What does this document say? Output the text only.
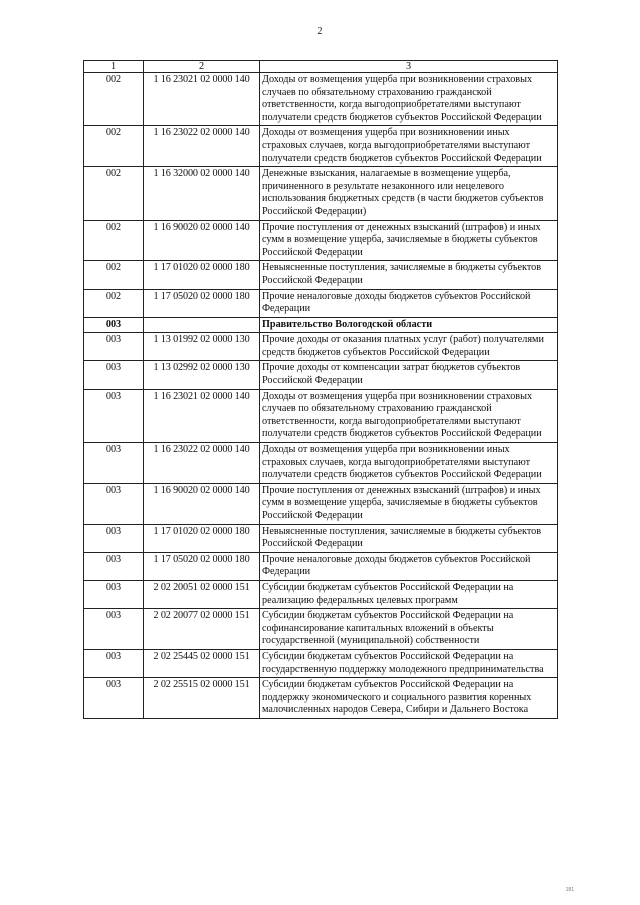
2
1	2	3
002	1 16 23021 02 0000 140	Доходы от возмещения ущерба при возникновении страховых случаев по обязательному страхованию гражданской ответственности, когда выгодоприобретателями выступают получатели средств бюджетов субъектов Российской Федерации
002	1 16 23022 02 0000 140	Доходы от возмещения ущерба при возникновении иных страховых случаев, когда выгодоприобретателями выступают получатели средств бюджетов субъектов Российской Федерации
002	1 16 32000 02 0000 140	Денежные взыскания, налагаемые в возмещение ущерба, причиненного в результате незаконного или нецелевого использования бюджетных средств (в части бюджетов субъектов Российской Федерации)
002	1 16 90020 02 0000 140	Прочие поступления от денежных взысканий (штрафов) и иных сумм в возмещение ущерба, зачисляемые в бюджеты субъектов Российской Федерации
002	1 17 01020 02 0000 180	Невыясненные поступления, зачисляемые в бюджеты субъектов Российской Федерации
002	1 17 05020 02 0000 180	Прочие неналоговые доходы бюджетов субъектов Российской Федерации
003		Правительство Вологодской области
003	1 13 01992 02 0000 130	Прочие доходы от оказания платных услуг (работ) получателями средств бюджетов субъектов Российской Федерации
003	1 13 02992 02 0000 130	Прочие доходы от компенсации затрат бюджетов субъектов Российской Федерации
003	1 16 23021 02 0000 140	Доходы от возмещения ущерба при возникновении страховых случаев по обязательному страхованию гражданской ответственности, когда выгодоприобретателями выступают получатели средств бюджетов субъектов Российской Федерации
003	1 16 23022 02 0000 140	Доходы от возмещения ущерба при возникновении иных страховых случаев, когда выгодоприобретателями выступают получатели средств бюджетов субъектов Российской Федерации
003	1 16 90020 02 0000 140	Прочие поступления от денежных взысканий (штрафов) и иных сумм в возмещение ущерба, зачисляемые в бюджеты субъектов Российской Федерации
003	1 17 01020 02 0000 180	Невыясненные поступления, зачисляемые в бюджеты субъектов Российской Федерации
003	1 17 05020 02 0000 180	Прочие неналоговые доходы бюджетов субъектов Российской Федерации
003	2 02 20051 02 0000 151	Субсидии бюджетам субъектов Российской Федерации на реализацию федеральных целевых программ
003	2 02 20077 02 0000 151	Субсидии бюджетам субъектов Российской Федерации на софинансирование капитальных вложений в объекты государственной (муниципальной) собственности
003	2 02 25445 02 0000 151	Субсидии бюджетам субъектов Российской Федерации на государственную поддержку молодежного предпринимательства
003	2 02 25515 02 0000 151	Субсидии бюджетам субъектов Российской Федерации на поддержку экономического и социального развития коренных малочисленных народов Севера, Сибири и Дальнего Востока
181
